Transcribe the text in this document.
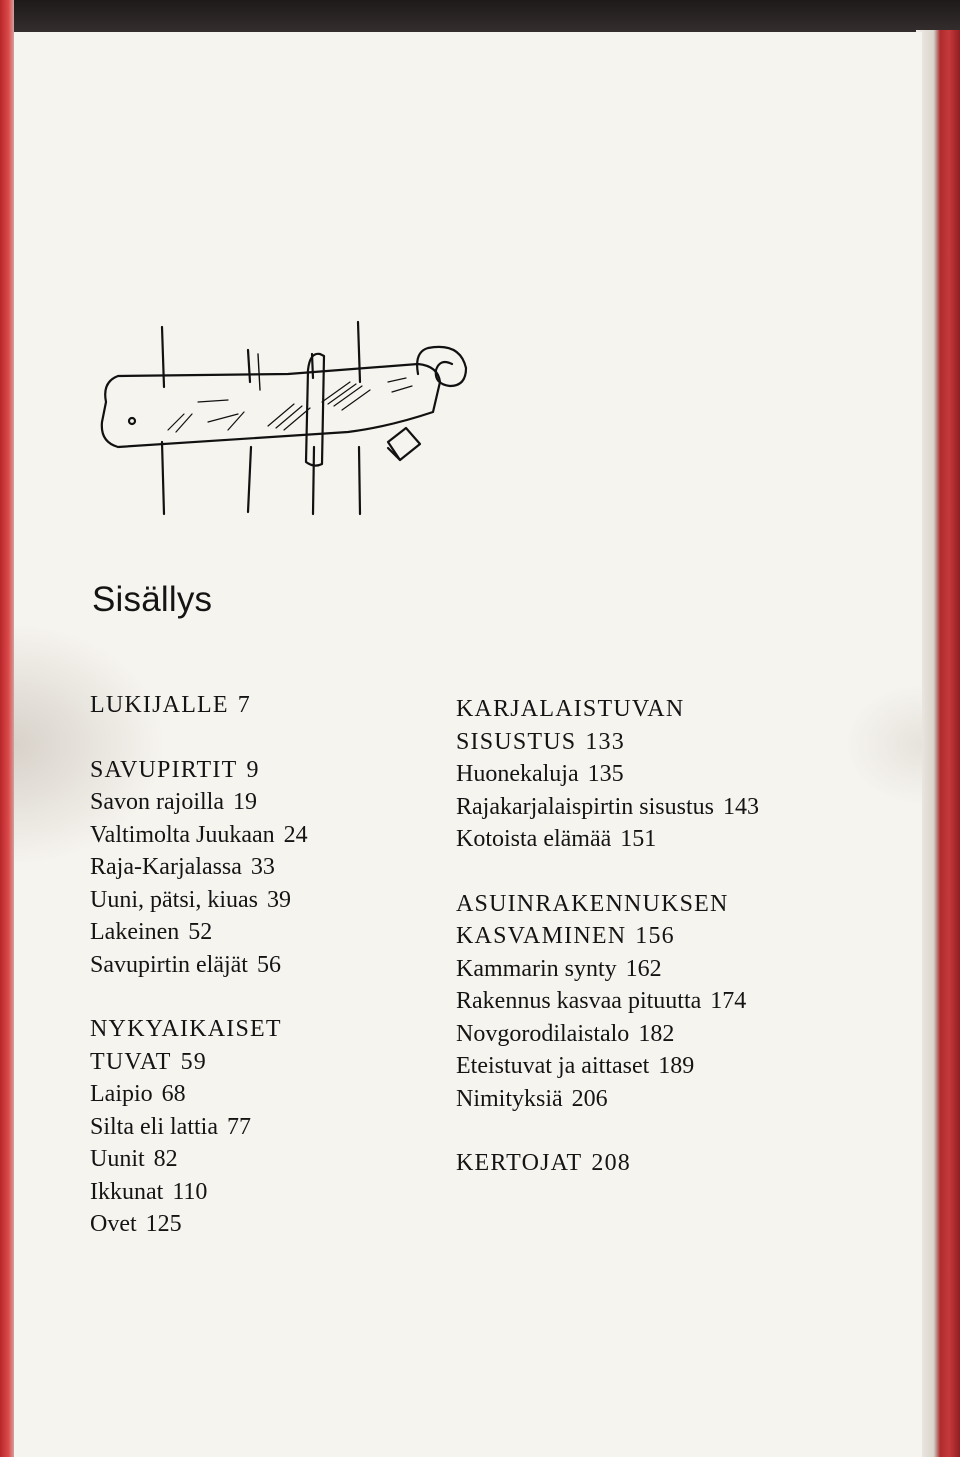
Sisällys
LUKIJALLE 7
SAVUPIRTIT 9
Savon rajoilla 19
Valtimolta Juukaan 24
Raja-Karjalassa 33
Uuni, pätsi, kiuas 39
Lakeinen 52
Savupirtin eläjät 56
NYKYAIKAISET
TUVAT 59
Laipio 68
Silta eli lattia 77
Uunit 82
Ikkunat 110
Ovet 125
KARJALAISTUVAN
SISUSTUS 133
Huonekaluja 135
Rajakarjalaispirtin sisustus 143
Kotoista elämää 151
ASUINRAKENNUKSEN
KASVAMINEN 156
Kammarin synty 162
Rakennus kasvaa pituutta 174
Novgorodilaistalo 182
Eteistuvat ja aittaset 189
Nimityksiä 206
KERTOJAT 208
